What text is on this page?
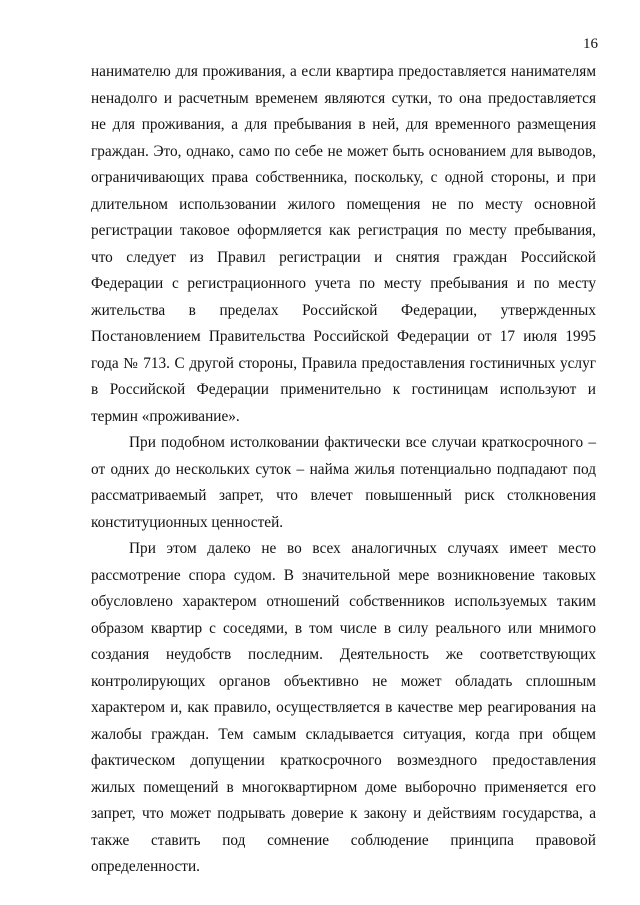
16
нанимателю для проживания, а если квартира предоставляется нанимателям
ненадолго и расчетным временем являются сутки, то она предоставляется
не для проживания, а для пребывания в ней, для временного размещения
граждан. Это, однако, само по себе не может быть основанием для выводов,
ограничивающих права собственника, поскольку, с одной стороны, и при
длительном использовании жилого помещения не по месту основной
регистрации таковое оформляется как регистрация по месту пребывания,
что следует из Правил регистрации и снятия граждан Российской
Федерации с регистрационного учета по месту пребывания и по месту
жительства в пределах Российской Федерации, утвержденных
Постановлением Правительства Российской Федерации от 17 июля 1995
года № 713. С другой стороны, Правила предоставления гостиничных услуг
в Российской Федерации применительно к гостиницам используют и
термин «проживание».
При подобном истолковании фактически все случаи краткосрочного –
от одних до нескольких суток – найма жилья потенциально подпадают под
рассматриваемый запрет, что влечет повышенный риск столкновения
конституционных ценностей.
При этом далеко не во всех аналогичных случаях имеет место
рассмотрение спора судом. В значительной мере возникновение таковых
обусловлено характером отношений собственников используемых таким
образом квартир с соседями, в том числе в силу реального или мнимого
создания неудобств последним. Деятельность же соответствующих
контролирующих органов объективно не может обладать сплошным
характером и, как правило, осуществляется в качестве мер реагирования на
жалобы граждан. Тем самым складывается ситуация, когда при общем
фактическом допущении краткосрочного возмездного предоставления
жилых помещений в многоквартирном доме выборочно применяется его
запрет, что может подрывать доверие к закону и действиям государства, а
также ставить под сомнение соблюдение принципа правовой
определенности.
